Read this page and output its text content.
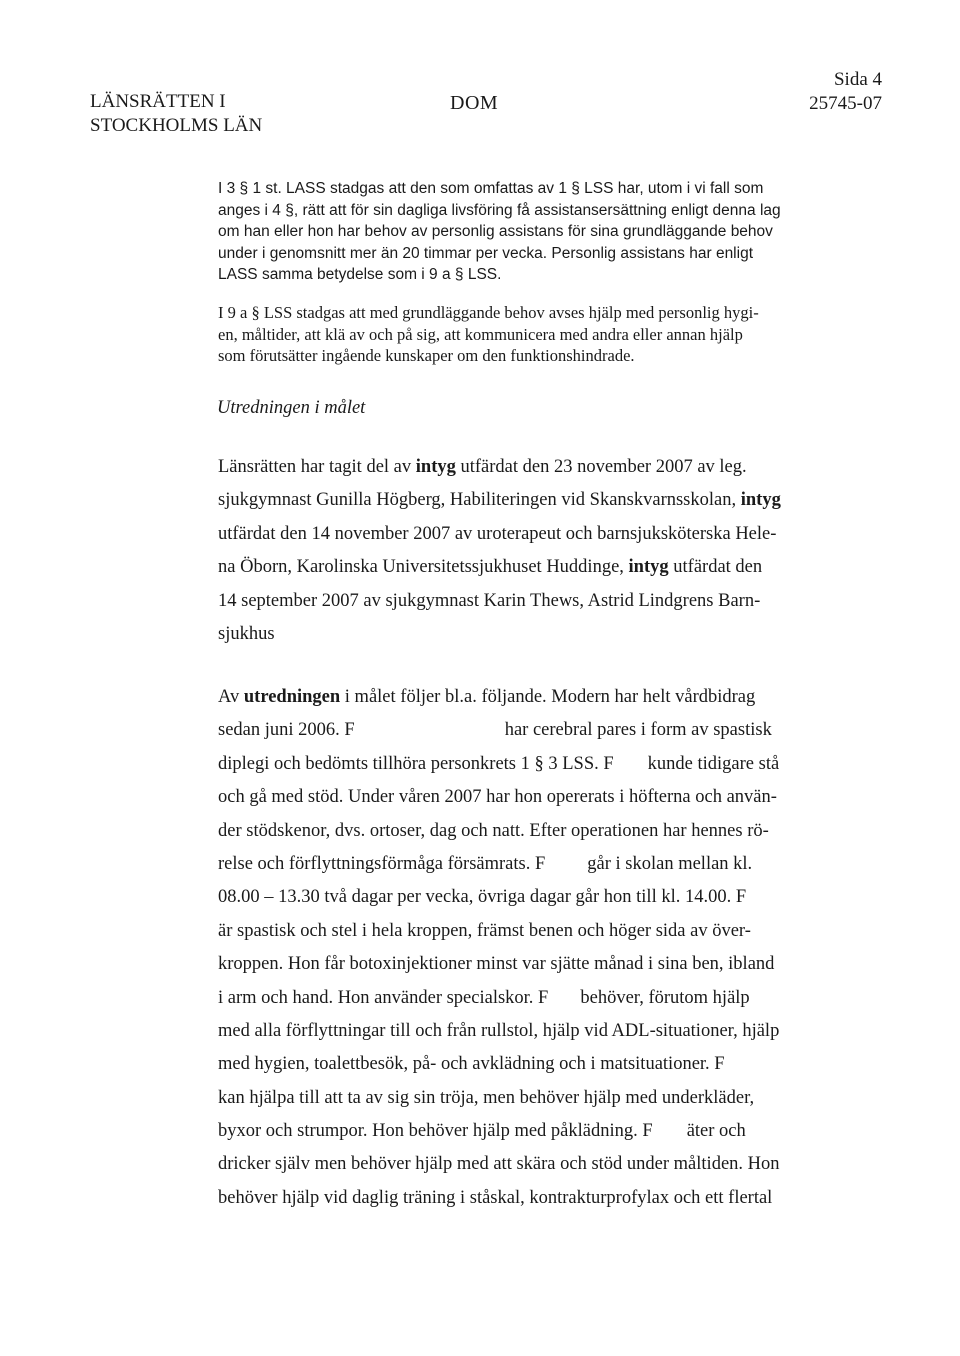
LÄNSRÄTTEN I
STOCKHOLMS LÄN
DOM
Sida 4
25745-07

I 3 § 1 st. LASS stadgas att den som omfattas av 1 § LSS har, utom i vi fall som
anges i 4 §, rätt att för sin dagliga livsföring få assistansersättning enligt denna lag
om han eller hon har behov av personlig assistans för sina grundläggande behov
under i genomsnitt mer än 20 timmar per vecka. Personlig assistans har enligt
LASS samma betydelse som i 9 a § LSS.

I 9 a § LSS stadgas att med grundläggande behov avses hjälp med personlig hygi-
en, måltider, att klä av och på sig, att kommunicera med andra eller annan hjälp
som förutsätter ingående kunskaper om den funktionshindrade.

Utredningen i målet

Länsrätten har tagit del av intyg utfärdat den 23 november 2007 av leg.
sjukgymnast Gunilla Högberg, Habiliteringen vid Skanskvarnsskolan, intyg
utfärdat den 14 november 2007 av uroterapeut och barnsjuksköterska Hele-
na Öborn, Karolinska Universitetssjukhuset Huddinge, intyg utfärdat den
14 september 2007 av sjukgymnast Karin Thews, Astrid Lindgrens Barn-
sjukhus

Av utredningen i målet följer bl.a. följande. Modern har helt vårdbidrag
sedan juni 2006. F	har cerebral pares i form av spastisk
diplegi och bedömts tillhöra personkrets 1 § 3 LSS. F kunde tidigare stå
och gå med stöd. Under våren 2007 har hon opererats i höfterna och använ-
der stödskenor, dvs. ortoser, dag och natt. Efter operationen har hennes rö-
relse och förflyttningsförmåga försämrats. F går i skolan mellan kl.
08.00 – 13.30 två dagar per vecka, övriga dagar går hon till kl. 14.00. F
är spastisk och stel i hela kroppen, främst benen och höger sida av över-
kroppen. Hon får botoxinjektioner minst var sjätte månad i sina ben, ibland
i arm och hand. Hon använder specialskor. F behöver, förutom hjälp
med alla förflyttningar till och från rullstol, hjälp vid ADL-situationer, hjälp
med hygien, toalettbesök, på- och avklädning och i matsituationer. F
kan hjälpa till att ta av sig sin tröja, men behöver hjälp med underkläder,
byxor och strumpor. Hon behöver hjälp med påklädning. F äter och
dricker själv men behöver hjälp med att skära och stöd under måltiden. Hon
behöver hjälp vid daglig träning i ståskal, kontrakturprofylax och ett flertal
